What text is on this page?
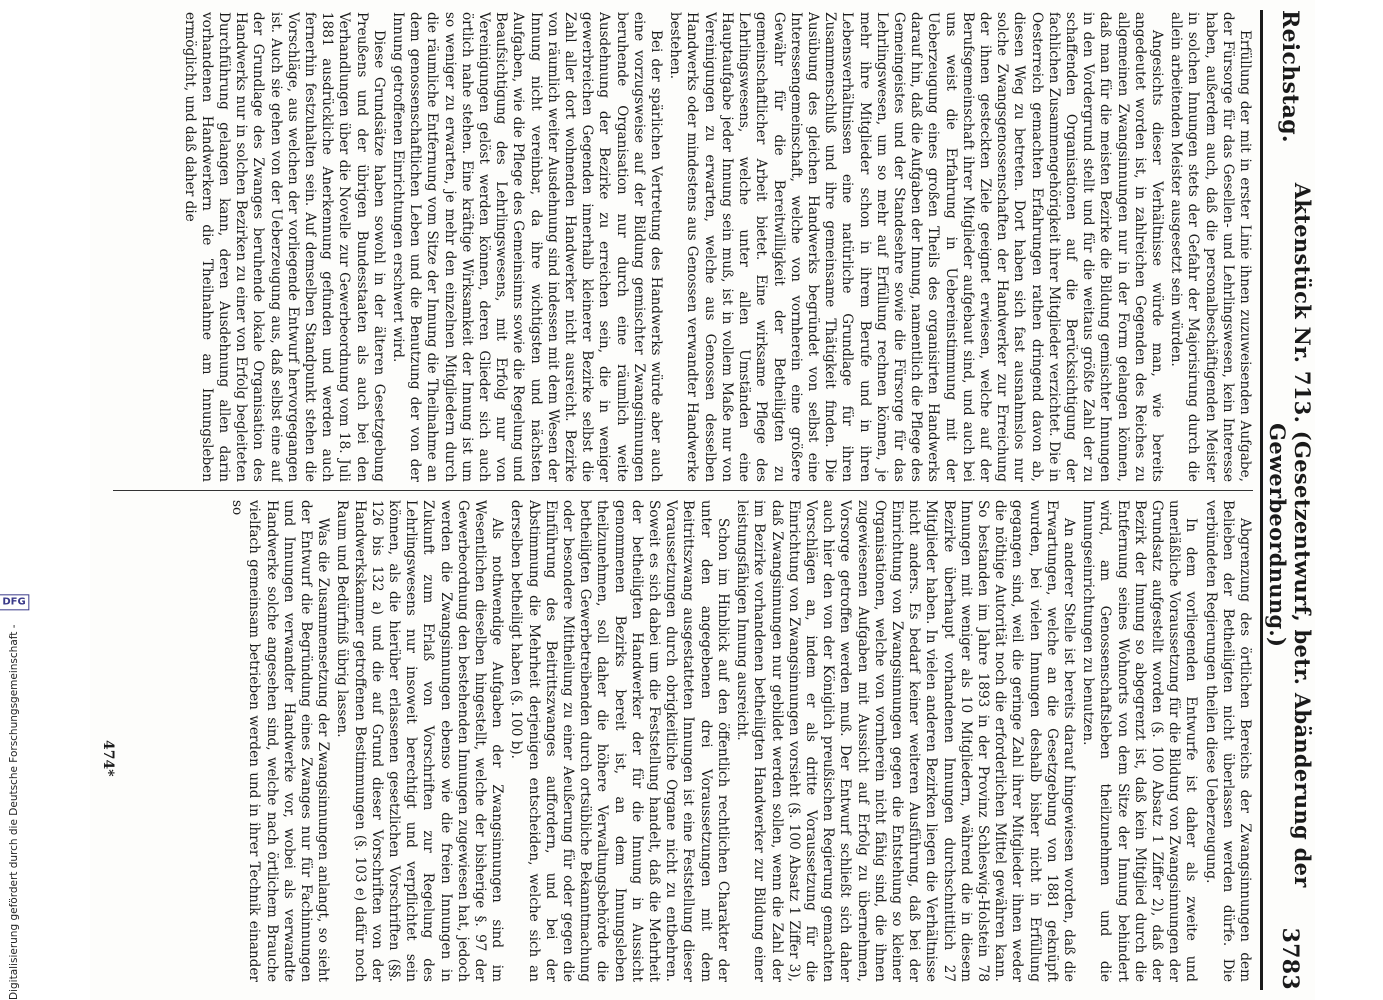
Digitalisierung gefördert durch die Deutsche Forschungsgemeinschaft -
DFG
Reichstag.
Aktenstück Nr. 713. (Gesetzentwurf, betr. Abänderung der Gewerbeordnung.)
3783

Erfüllung der mit in erster Linie ihnen zuzuweisenden Aufgabe, der Fürsorge für das Gesellen- und Lehrlingswesen, kein Interesse haben, außerdem auch, daß die personalbeschäftigenden Meister in solchen Innungen stets der Gefahr der Majorisirung durch die allein arbeitenden Meister ausgesetzt sein würden.

Angesichts dieser Verhältnisse würde man, wie bereits angedeutet worden ist, in zahlreichen Gegenden des Reiches zu allgemeinen Zwangsinnungen nur in der Form gelangen können, daß man für die meisten Bezirke die Bildung gemischter Innungen in den Vordergrund stellt und für die weitaus größte Zahl der zu schaffenden Organisationen auf die Berücksichtigung der fachlichen Zusammengehörigkeit ihrer Mitglieder verzichtet. Die in Oesterreich gemachten Erfahrungen rathen dringend davon ab, diesen Weg zu betreten. Dort haben sich fast ausnahmslos nur solche Zwangsgenossenschaften der Handwerker zur Erreichung der ihnen gesteckten Ziele geeignet erwiesen, welche auf der Berufsgemeinschaft ihrer Mitglieder aufgebaut sind, und auch bei uns weist die Erfahrung in Uebereinstimmung mit der Ueberzeugung eines großen Theils des organisirten Handwerks darauf hin, daß die Aufgaben der Innung, namentlich die Pflege des Gemeingeistes und der Standesehre sowie die Fürsorge für das Lehrlingswesen, um so mehr auf Erfüllung rechnen können, je mehr ihre Mitglieder schon in ihrem Berufe und in ihren Lebensverhältnissen eine natürliche Grundlage für ihren Zusammenschluß und ihre gemeinsame Thätigkeit finden. Die Ausübung des gleichen Handwerks begründet von selbst eine Interessengemeinschaft, welche von vornherein eine größere Gewähr für die Bereitwilligkeit der Betheiligten zu gemeinschaftlicher Arbeit bietet. Eine wirksame Pflege des Lehrlingswesens, welche unter allen Umständen eine Hauptaufgabe jeder Innung sein muß, ist in vollem Maße nur von Vereinigungen zu erwarten, welche aus Genossen desselben Handwerks oder mindestens aus Genossen verwandter Handwerke bestehen.

Bei der spärlichen Vertretung des Handwerks würde aber auch eine vorzugsweise auf der Bildung gemischter Zwangsinnungen beruhende Organisation nur durch eine räumlich weite Ausdehnung der Bezirke zu erreichen sein, die in weniger gewerbreichen Gegenden innerhalb kleinerer Bezirke selbst die Zahl aller dort wohnenden Handwerker nicht ausreicht. Bezirke von räumlich weiter Ausdehnung sind indessen mit dem Wesen der Innung nicht vereinbar, da ihre wichtigsten und nächsten Aufgaben, wie die Pflege des Gemeinsinns sowie die Regelung und Beaufsichtigung des Lehrlingswesens, mit Erfolg nur von Vereinigungen gelöst werden können, deren Glieder sich auch örtlich nahe stehen. Eine kräftige Wirksamkeit der Innung ist um so weniger zu erwarten, je mehr den einzelnen Mitgliedern durch die räumliche Entfernung vom Sitze der Innung die Theilnahme an dem genossenschaftlichen Leben und die Benutzung der von der Innung getroffenen Einrichtungen erschwert wird.

Diese Grundsätze haben sowohl in der älteren Gesetzgebung Preußens und der übrigen Bundesstaaten als auch bei den Verhandlungen über die Novelle zur Gewerbeordnung vom 18. Juli 1881 ausdrückliche Anerkennung gefunden und werden auch fernerhin festzuhalten sein. Auf demselben Standpunkt stehen die Vorschläge, aus welchen der vorliegende Entwurf hervorgegangen ist. Auch sie gehen von der Ueberzeugung aus, daß selbst eine auf der Grundlage des Zwanges beruhende lokale Organisation des Handwerks nur in solchen Bezirken zu einer von Erfolg begleiteten Durchführung gelangen kann, deren Ausdehnung allen darin vorhandenen Handwerkern die Theilnahme am Innungsleben ermöglicht, und daß daher die

Abgrenzung des örtlichen Bereichs der Zwangsinnungen dem Belieben der Betheiligten nicht überlassen werden dürfe. Die verbündeten Regierungen theilen diese Ueberzeugung.

In dem vorliegenden Entwurfe ist daher als zweite und unerläßliche Voraussetzung für die Bildung von Zwangsinnungen der Grundsatz aufgestellt worden (§. 100 Absatz 1 Ziffer 2), daß der Bezirk der Innung so abgegrenzt ist, daß kein Mitglied durch die Entfernung seines Wohnorts von dem Sitze der Innung behindert wird, am Genossenschaftsleben theilzunehmen und die Innungseinrichtungen zu benutzen.

An anderer Stelle ist bereits darauf hingewiesen worden, daß die Erwartungen, welche an die Gesetzgebung von 1881 geknüpft wurden, bei vielen Innungen deshalb bisher nicht in Erfüllung gegangen sind, weil die geringe Zahl ihrer Mitglieder ihnen weder die nöthige Autorität noch die erforderlichen Mittel gewähren kann. So bestanden im Jahre 1893 in der Provinz Schleswig-Holstein 78 Innungen mit weniger als 10 Mitgliedern, während die in diesem Bezirke überhaupt vorhandenen Innungen durchschnittlich 27 Mitglieder haben. In vielen anderen Bezirken liegen die Verhältnisse nicht anders. Es bedarf keiner weiteren Ausführung, daß bei der Einrichtung von Zwangsinnungen gegen die Entstehung so kleiner Organisationen, welche von vornherein nicht fähig sind, die ihnen zugewiesenen Aufgaben mit Aussicht auf Erfolg zu übernehmen, Vorsorge getroffen werden muß. Der Entwurf schließt sich daher auch hier den von der Königlich preußischen Regierung gemachten Vorschlägen an, indem er als dritte Voraussetzung für die Einrichtung von Zwangsinnungen vorsieht (§. 100 Absatz 1 Ziffer 3), daß Zwangsinnungen nur gebildet werden sollen, wenn die Zahl der im Bezirke vorhandenen betheiligten Handwerker zur Bildung einer leistungsfähigen Innung ausreicht.

Schon im Hinblick auf den öffentlich rechtlichen Charakter der unter den angegebenen drei Voraussetzungen mit dem Beitrittszwang ausgestatteten Innungen ist eine Feststellung dieser Voraussetzungen durch obrigkeitliche Organe nicht zu entbehren. Soweit es sich dabei um die Feststellung handelt, daß die Mehrheit der betheiligten Handwerker der für die Innung in Aussicht genommenen Bezirks bereit ist, an dem Innungsleben theilzunehmen, soll daher die höhere Verwaltungsbehörde die betheiligten Gewerbetreibenden durch ortsübliche Bekanntmachung oder besondere Mittheilung zu einer Aeußerung für oder gegen die Einführung des Beitrittszwanges auffordern, und bei der Abstimmung die Mehrheit derjenigen entscheiden, welche sich an derselben betheiligt haben (§. 100 b).

Als nothwendige Aufgaben der Zwangsinnungen sind im Wesentlichen dieselben hingestellt, welche der bisherige §. 97 der Gewerbeordnung den bestehenden Innungen zugewiesen hat, jedoch werden die Zwangsinnungen ebenso wie die freien Innungen in Zukunft zum Erlaß von Vorschriften zur Regelung des Lehrlingswesens nur insoweit berechtigt und verpflichtet sein können, als die hierüber erlassenen gesetzlichen Vorschriften (§§. 126 bis 132 a) und die auf Grund dieser Vorschriften von der Handwerkskammer getroffenen Bestimmungen (§. 103 e) dafür noch Raum und Bedürfniß übrig lassen.

Was die Zusammensetzung der Zwangsinnungen anlangt, so sieht der Entwurf die Begründung eines Zwanges nur für Fachinnungen und Innungen verwandter Handwerke vor, wobei als verwandte Handwerke solche angesehen sind, welche nach örtlichem Brauche vielfach gemeinsam betrieben werden und in ihrer Technik einander so

474*
